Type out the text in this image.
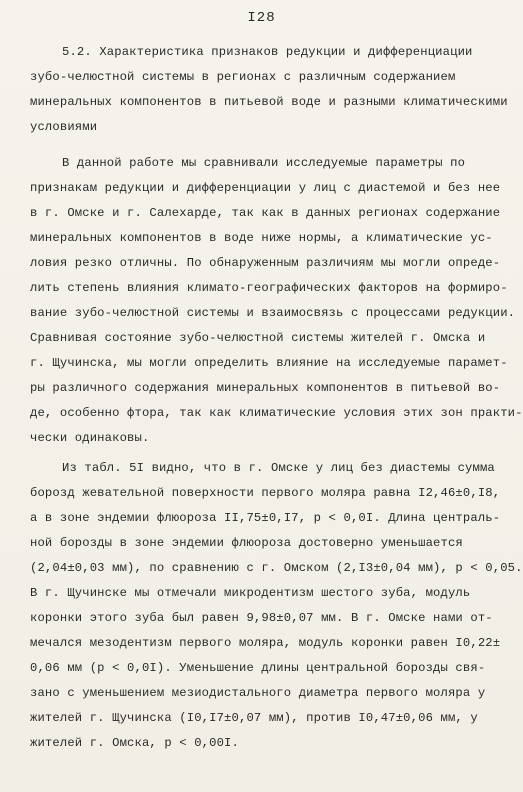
I28
5.2. Характеристика признаков редукции и дифференциации
зубо-челюстной системы в регионах с различным содержанием
минеральных компонентов в питьевой воде и разными климатическими
условиями
В данной работе мы сравнивали исследуемые параметры по
признакам редукции и дифференциации у лиц с диастемой и без нее
в г. Омске и г. Салехарде, так как в данных регионах содержание
минеральных компонентов в воде ниже нормы, а климатические ус-
ловия резко отличны. По обнаруженным различиям мы могли опреде-
лить степень влияния климато-географических факторов на формиро-
вание зубо-челюстной системы и взаимосвязь с процессами редукции.
Сравнивая состояние зубо-челюстной системы жителей г. Омска и
г. Щучинска, мы могли определить влияние на исследуемые парамет-
ры различного содержания минеральных компонентов в питьевой во-
де, особенно фтора, так как климатические условия этих зон практи-
чески одинаковы.
Из табл. 5I видно, что в г. Омске у лиц без диастемы сумма
борозд жевательной поверхности первого моляра равна I2,46±0,I8,
а в зоне эндемии флюороза II,75±0,I7, р < 0,0I. Длина централь-
ной борозды в зоне эндемии флюороза достоверно уменьшается
(2,04±0,03 мм), по сравнению с г. Омском (2,I3±0,04 мм), р < 0,05.
В г. Щучинске мы отмечали микродентизм шестого зуба, модуль
коронки этого зуба был равен 9,98±0,07 мм. В г. Омске нами от-
мечался мезодентизм первого моляра, модуль коронки равен I0,22±
0,06 мм (р < 0,0I). Уменьшение длины центральной борозды свя-
зано с уменьшением мезиодистального диаметра первого моляра у
жителей г. Щучинска (I0,I7±0,07 мм), против I0,47±0,06 мм, у
жителей г. Омска, р < 0,00I.
